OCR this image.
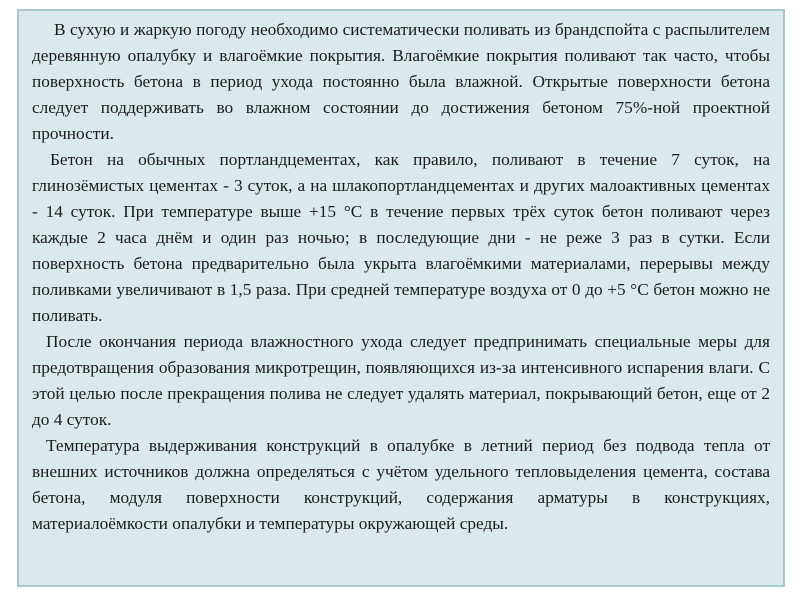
В сухую и жаркую погоду необходимо систематически поливать из брандспойта с распылителем деревянную опалубку и влагоёмкие покрытия. Влагоёмкие покрытия поливают так часто, чтобы поверхность бетона в период ухода постоянно была влажной. Открытые поверхности бетона следует поддерживать во влажном состоянии до достижения бетоном 75%-ной проектной прочности.

Бетон на обычных портландцементах, как правило, поливают в течение 7 суток, на глинозёмистых цементах - 3 суток, а на шлакопортландцементах и других малоактивных цементах - 14 суток. При температуре выше +15 °С в течение первых трёх суток бетон поливают через каждые 2 часа днём и один раз ночью; в последующие дни - не реже 3 раз в сутки. Если поверхность бетона предварительно была укрыта влагоёмкими материалами, перерывы между поливками увеличивают в 1,5 раза. При средней температуре воздуха от 0 до +5 °С бетон можно не поливать.

После окончания периода влажностного ухода следует предпринимать специальные меры для предотвращения образования микротрещин, появляющихся из-за интенсивного испарения влаги. С этой целью после прекращения полива не следует удалять материал, покрывающий бетон, еще от 2 до 4 суток.

Температура выдерживания конструкций в опалубке в летний период без подвода тепла от внешних источников должна определяться с учётом удельного тепловыделения цемента, состава бетона, модуля поверхности конструкций, содержания арматуры в конструкциях, материалоёмкости опалубки и температуры окружающей среды.
